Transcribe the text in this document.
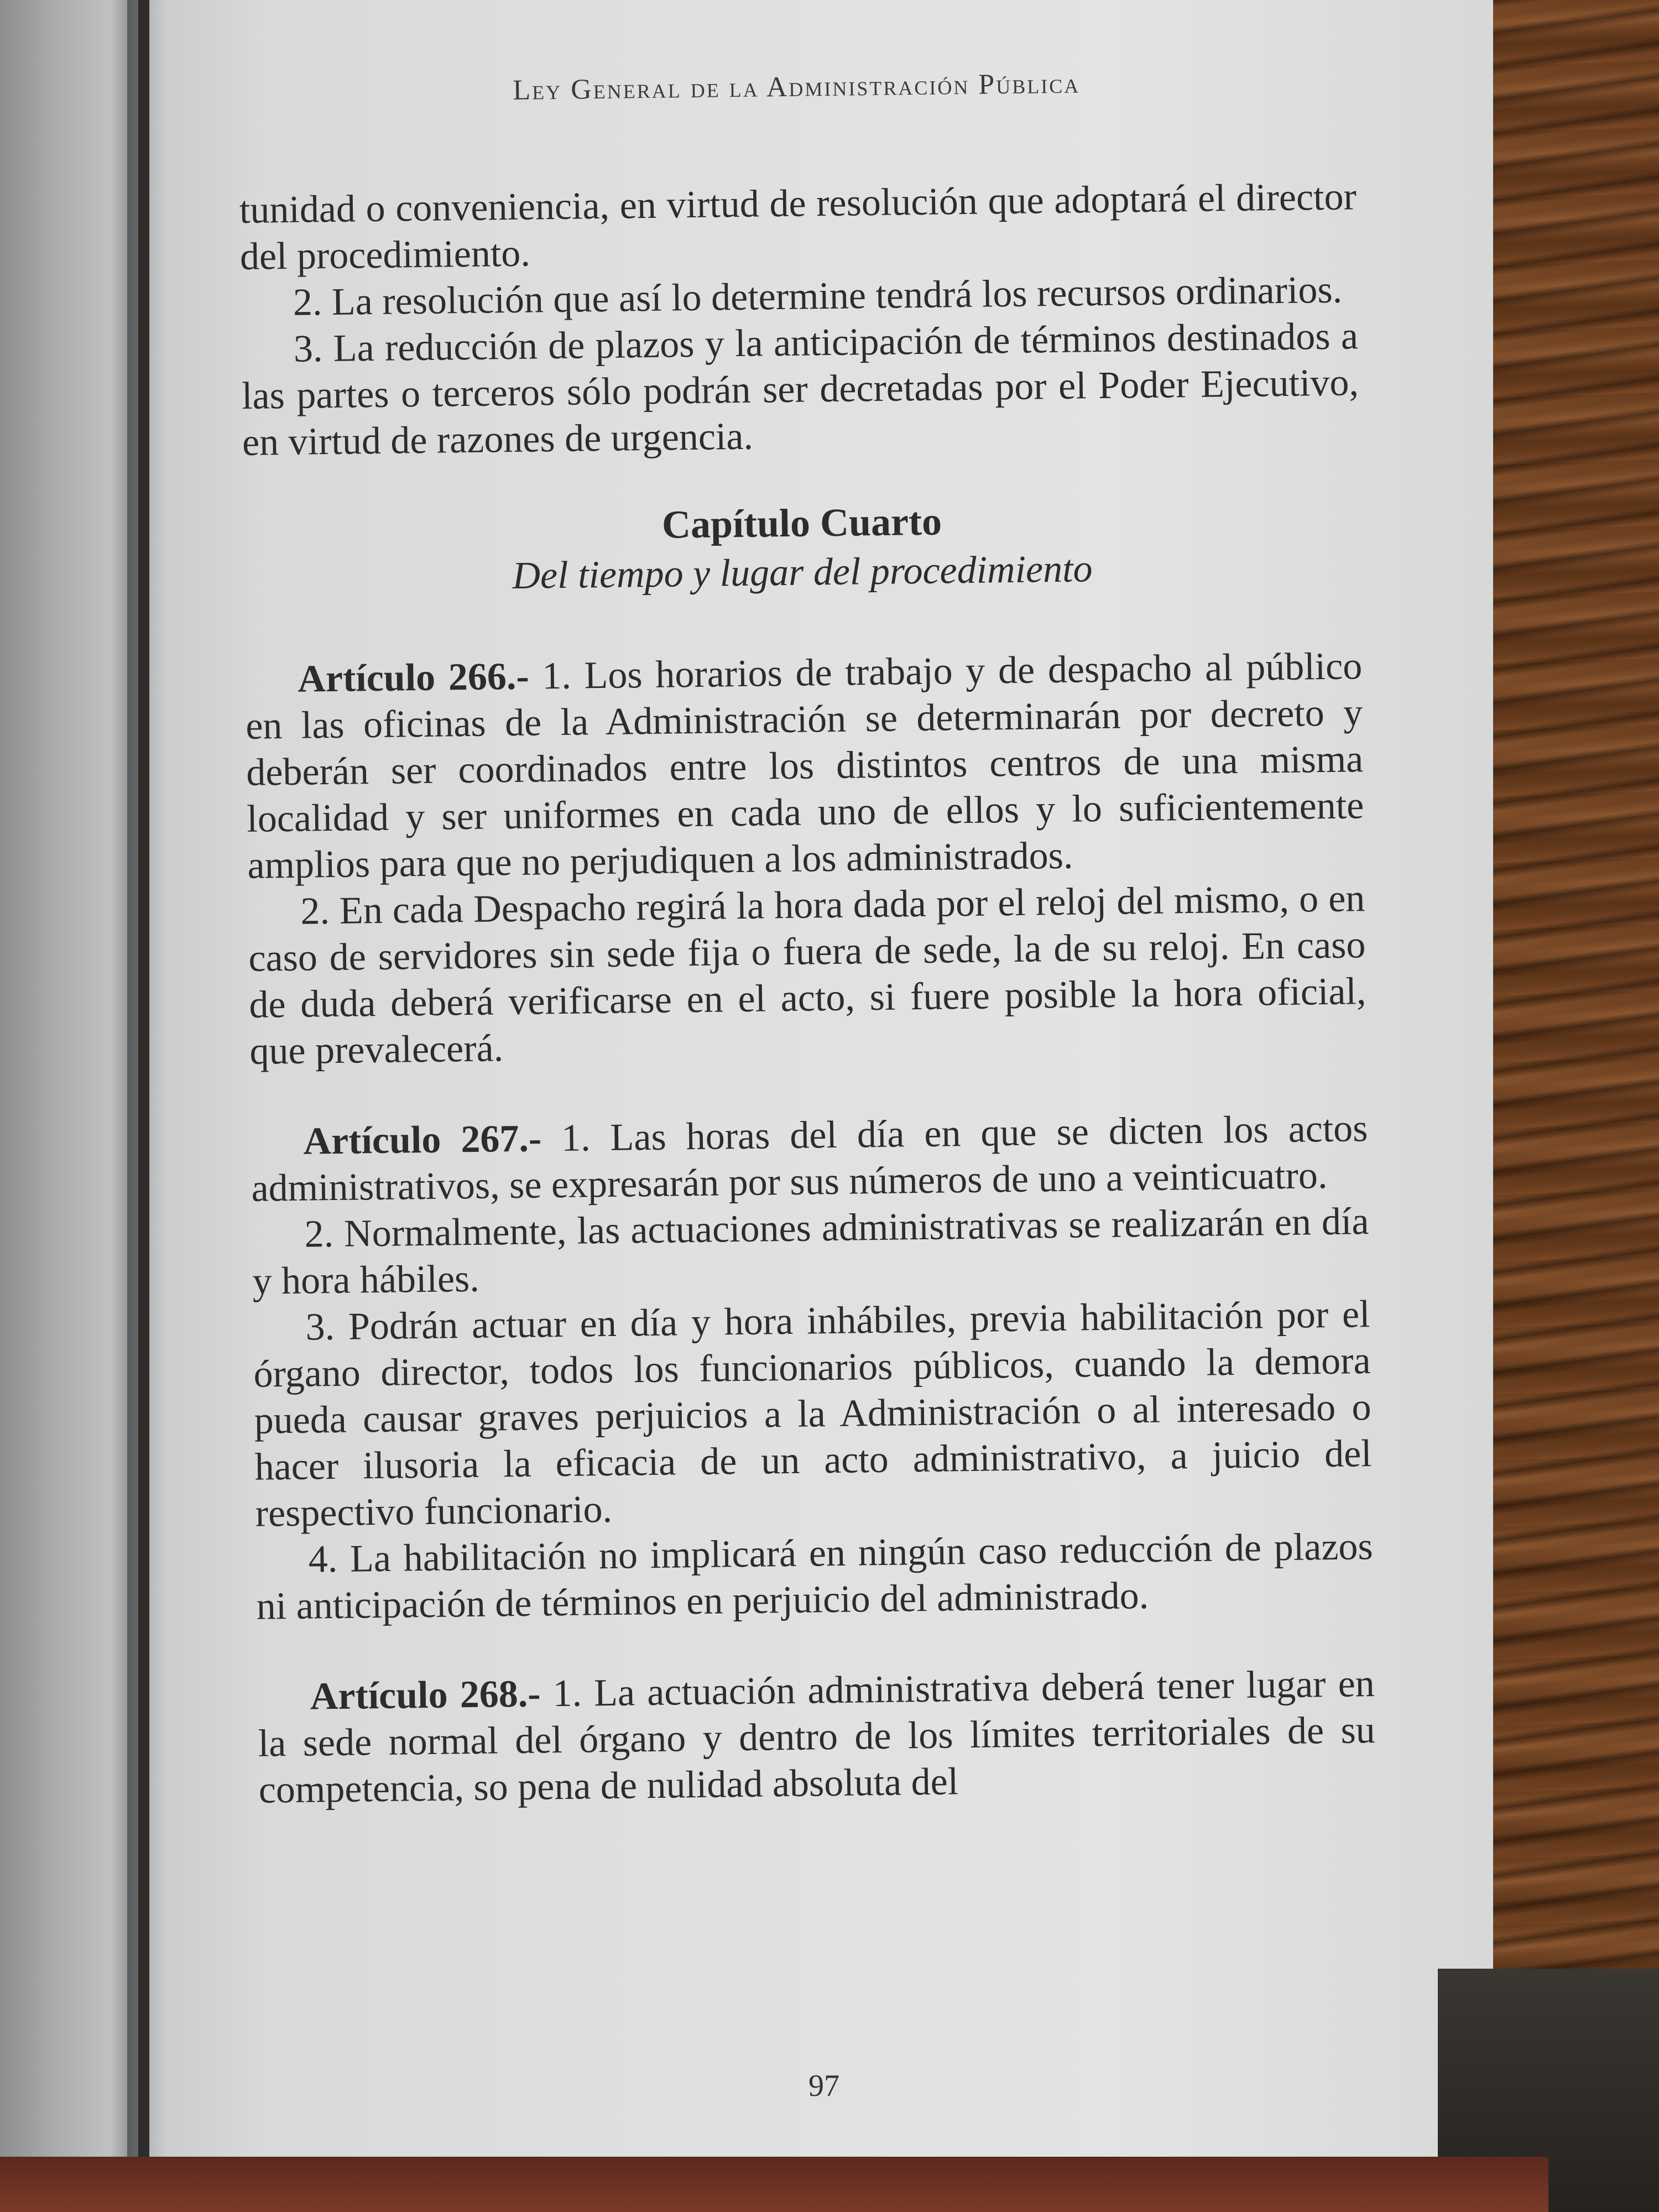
Ley General de la Administración Pública

tunidad o conveniencia, en virtud de resolución que adoptará el director del procedimiento.

2. La resolución que así lo determine tendrá los recursos ordinarios.

3. La reducción de plazos y la anticipación de términos destinados a las partes o terceros sólo podrán ser decretadas por el Poder Ejecutivo, en virtud de razones de urgencia.

Capítulo Cuarto
Del tiempo y lugar del procedimiento

Artículo 266.- 1. Los horarios de trabajo y de despacho al público en las oficinas de la Administración se determinarán por decreto y deberán ser coordinados entre los distintos centros de una misma localidad y ser uniformes en cada uno de ellos y lo suficientemente amplios para que no perjudiquen a los administrados.

2. En cada Despacho regirá la hora dada por el reloj del mismo, o en caso de servidores sin sede fija o fuera de sede, la de su reloj. En caso de duda deberá verificarse en el acto, si fuere posible la hora oficial, que prevalecerá.

Artículo 267.- 1. Las horas del día en que se dicten los actos administrativos, se expresarán por sus números de uno a veinticuatro.

2. Normalmente, las actuaciones administrativas se realizarán en día y hora hábiles.

3. Podrán actuar en día y hora inhábiles, previa habilitación por el órgano director, todos los funcionarios públicos, cuando la demora pueda causar graves perjuicios a la Administración o al interesado o hacer ilusoria la eficacia de un acto administrativo, a juicio del respectivo funcionario.

4. La habilitación no implicará en ningún caso reducción de plazos ni anticipación de términos en perjuicio del administrado.

Artículo 268.- 1. La actuación administrativa deberá tener lugar en la sede normal del órgano y dentro de los límites territoriales de su competencia, so pena de nulidad absoluta del

97
